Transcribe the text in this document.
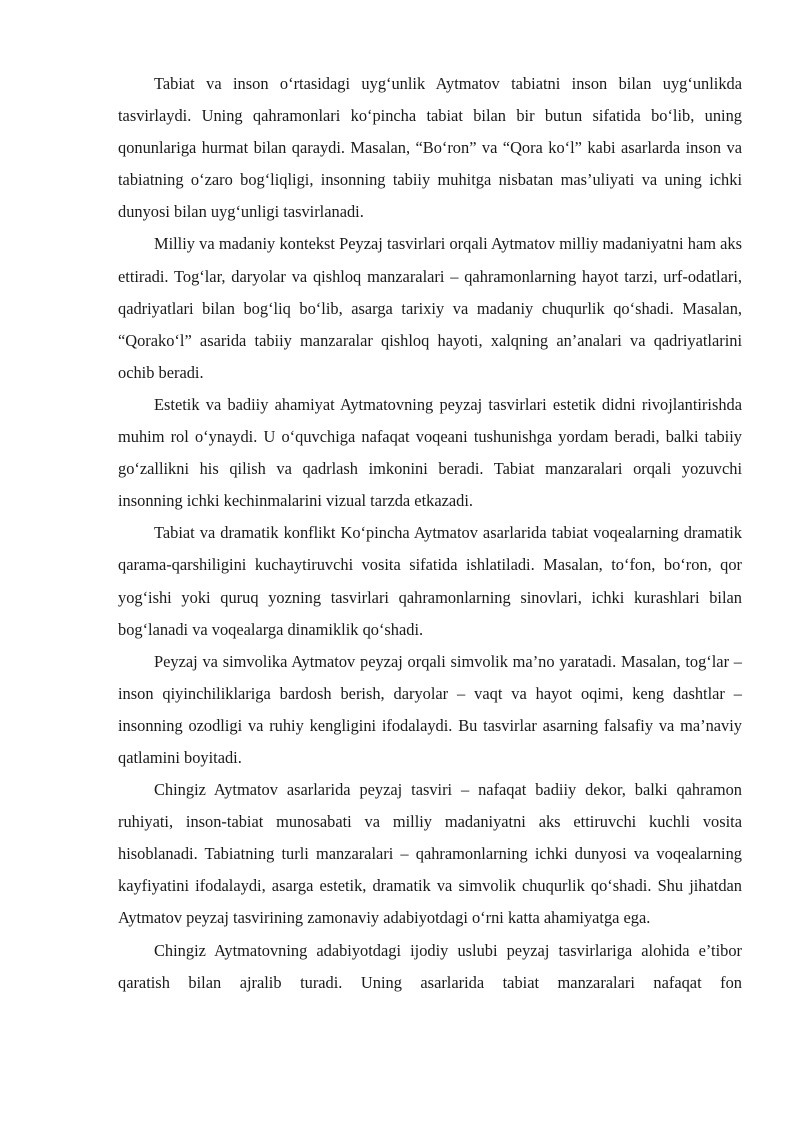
Tabiat va inson o‘rtasidagi uyg‘unlik Aytmatov tabiatni inson bilan uyg‘unlikda tasvirlaydi. Uning qahramonlari ko‘pincha tabiat bilan bir butun sifatida bo‘lib, uning qonunlariga hurmat bilan qaraydi. Masalan, “Bo‘ron” va “Qora ko‘l” kabi asarlarda inson va tabiatning o‘zaro bog‘liqligi, insonning tabiiy muhitga nisbatan mas’uliyati va uning ichki dunyosi bilan uyg‘unligi tasvirlanadi.

Milliy va madaniy kontekst Peyzaj tasvirlari orqali Aytmatov milliy madaniyatni ham aks ettiradi. Tog‘lar, daryolar va qishloq manzaralari – qahramonlarning hayot tarzi, urf-odatlari, qadriyatlari bilan bog‘liq bo‘lib, asarga tarixiy va madaniy chuqurlik qo‘shadi. Masalan, “Qorako‘l” asarida tabiiy manzaralar qishloq hayoti, xalqning an’analari va qadriyatlarini ochib beradi.

Estetik va badiiy ahamiyat Aytmatovning peyzaj tasvirlari estetik didni rivojlantirishda muhim rol o‘ynaydi. U o‘quvchiga nafaqat voqeani tushunishga yordam beradi, balki tabiiy go‘zallikni his qilish va qadrlash imkonini beradi. Tabiat manzaralari orqali yozuvchi insonning ichki kechinmalarini vizual tarzda etkazadi.

Tabiat va dramatik konflikt Ko‘pincha Aytmatov asarlarida tabiat voqealarning dramatik qarama-qarshiligini kuchaytiruvchi vosita sifatida ishlatiladi. Masalan, to‘fon, bo‘ron, qor yog‘ishi yoki quruq yozning tasvirlari qahramonlarning sinovlari, ichki kurashlari bilan bog‘lanadi va voqealarga dinamiklik qo‘shadi.

Peyzaj va simvolika Aytmatov peyzaj orqali simvolik ma’no yaratadi. Masalan, tog‘lar – inson qiyinchiliklariga bardosh berish, daryolar – vaqt va hayot oqimi, keng dashtlar – insonning ozodligi va ruhiy kengligini ifodalaydi. Bu tasvirlar asarning falsafiy va ma’naviy qatlamini boyitadi.

Chingiz Aytmatov asarlarida peyzaj tasviri – nafaqat badiiy dekor, balki qahramon ruhiyati, inson-tabiat munosabati va milliy madaniyatni aks ettiruvchi kuchli vosita hisoblanadi. Tabiatning turli manzaralari – qahramonlarning ichki dunyosi va voqealarning kayfiyatini ifodalaydi, asarga estetik, dramatik va simvolik chuqurlik qo‘shadi. Shu jihatdan Aytmatov peyzaj tasvirining zamonaviy adabiyotdagi o‘rni katta ahamiyatga ega.

Chingiz Aytmatovning adabiyotdagi ijodiy uslubi peyzaj tasvirlariga alohida e’tibor qaratish bilan ajralib turadi. Uning asarlarida tabiat manzaralari nafaqat fon
